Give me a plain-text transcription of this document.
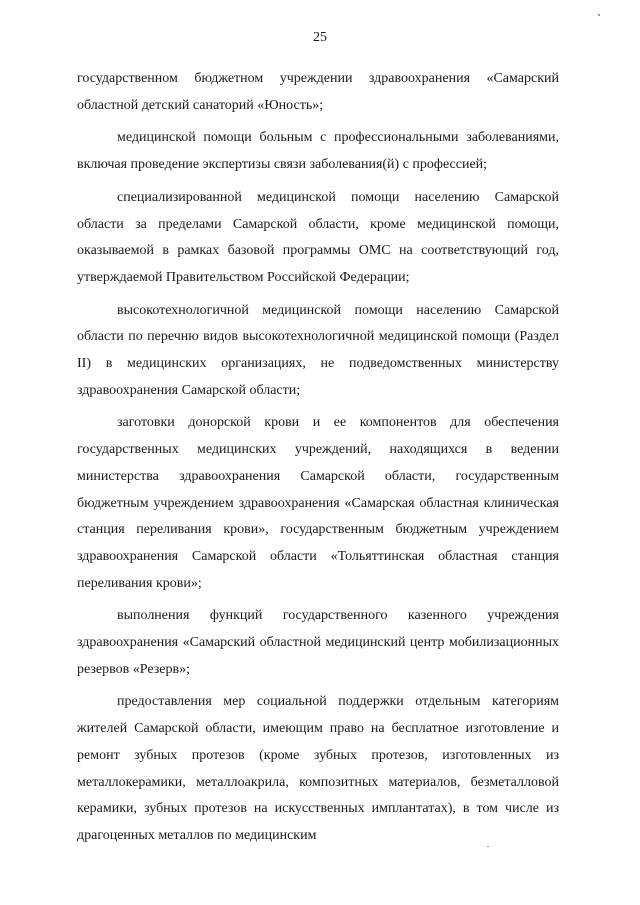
25

государственном бюджетном учреждении здравоохранения «Самарский областной детский санаторий «Юность»;

медицинской помощи больным с профессиональными заболеваниями, включая проведение экспертизы связи заболевания(й) с профессией;

специализированной медицинской помощи населению Самарской области за пределами Самарской области, кроме медицинской помощи, оказываемой в рамках базовой программы ОМС на соответствующий год, утверждаемой Правительством Российской Федерации;

высокотехнологичной медицинской помощи населению Самарской области по перечню видов высокотехнологичной медицинской помощи (Раздел II) в медицинских организациях, не подведомственных министерству здравоохранения Самарской области;

заготовки донорской крови и ее компонентов для обеспечения государственных медицинских учреждений, находящихся в ведении министерства здравоохранения Самарской области, государственным бюджетным учреждением здравоохранения «Самарская областная клиническая станция переливания крови», государственным бюджетным учреждением здравоохранения Самарской области «Тольяттинская областная станция переливания крови»;

выполнения функций государственного казенного учреждения здравоохранения «Самарский областной медицинский центр мобилизационных резервов «Резерв»;

предоставления мер социальной поддержки отдельным категориям жителей Самарской области, имеющим право на бесплатное изготовление и ремонт зубных протезов (кроме зубных протезов, изготовленных из металлокерамики, металлоакрила, композитных материалов, безметалловой керамики, зубных протезов на искусственных имплантатах), в том числе из драгоценных металлов по медицинским
